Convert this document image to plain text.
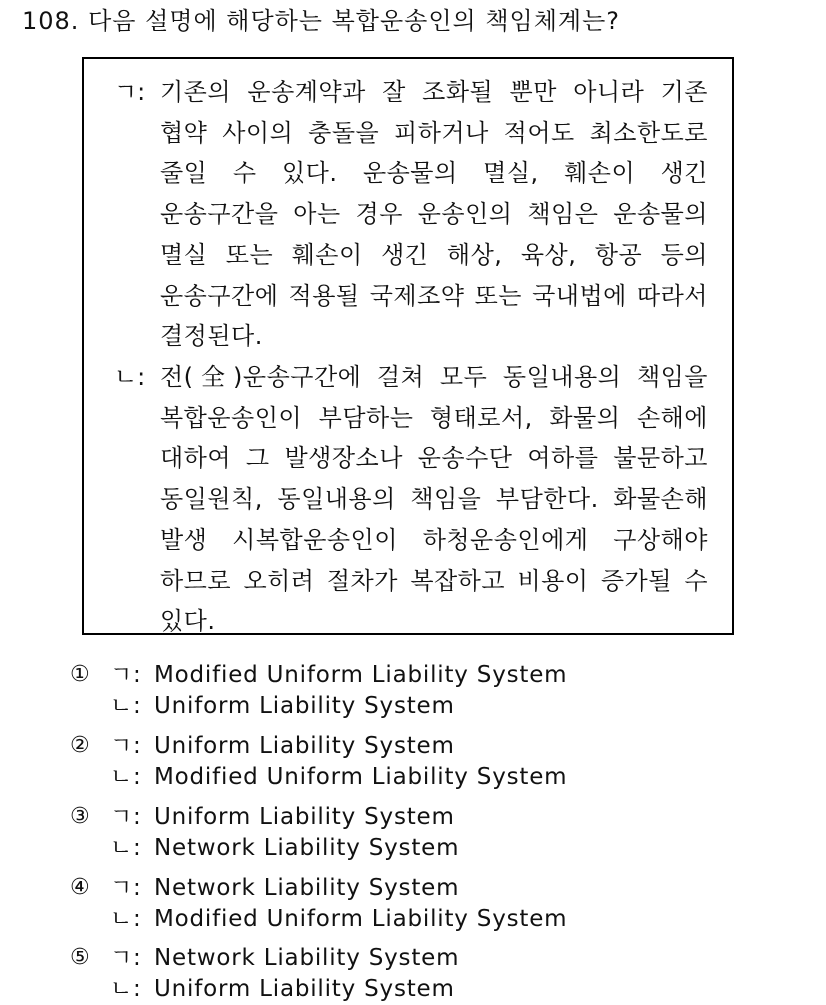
108. 다음 설명에 해당하는 복합운송인의 책임체계는?
ㄱ: 기존의 운송계약과 잘 조화될 뿐만 아니라 기존 협약 사이의 충돌을 피하거나 적어도 최소한도로 줄일 수 있다. 운송물의 멸실, 훼손이 생긴 운송구간을 아는 경우 운송인의 책임은 운송물의 멸실 또는 훼손이 생긴 해상, 육상, 항공 등의 운송구간에 적용될 국제조약 또는 국내법에 따라서 결정된다.
ㄴ: 전(全)운송구간에 걸쳐 모두 동일내용의 책임을 복합운송인이 부담하는 형태로서, 화물의 손해에 대하여 그 발생장소나 운송수단 여하를 불문하고 동일원칙, 동일내용의 책임을 부담한다. 화물손해 발생 시복합운송인이 하청운송인에게 구상해야 하므로 오히려 절차가 복잡하고 비용이 증가될 수 있다.
① ㄱ: Modified Uniform Liability System
ㄴ: Uniform Liability System
② ㄱ: Uniform Liability System
ㄴ: Modified Uniform Liability System
③ ㄱ: Uniform Liability System
ㄴ: Network Liability System
④ ㄱ: Network Liability System
ㄴ: Modified Uniform Liability System
⑤ ㄱ: Network Liability System
ㄴ: Uniform Liability System
